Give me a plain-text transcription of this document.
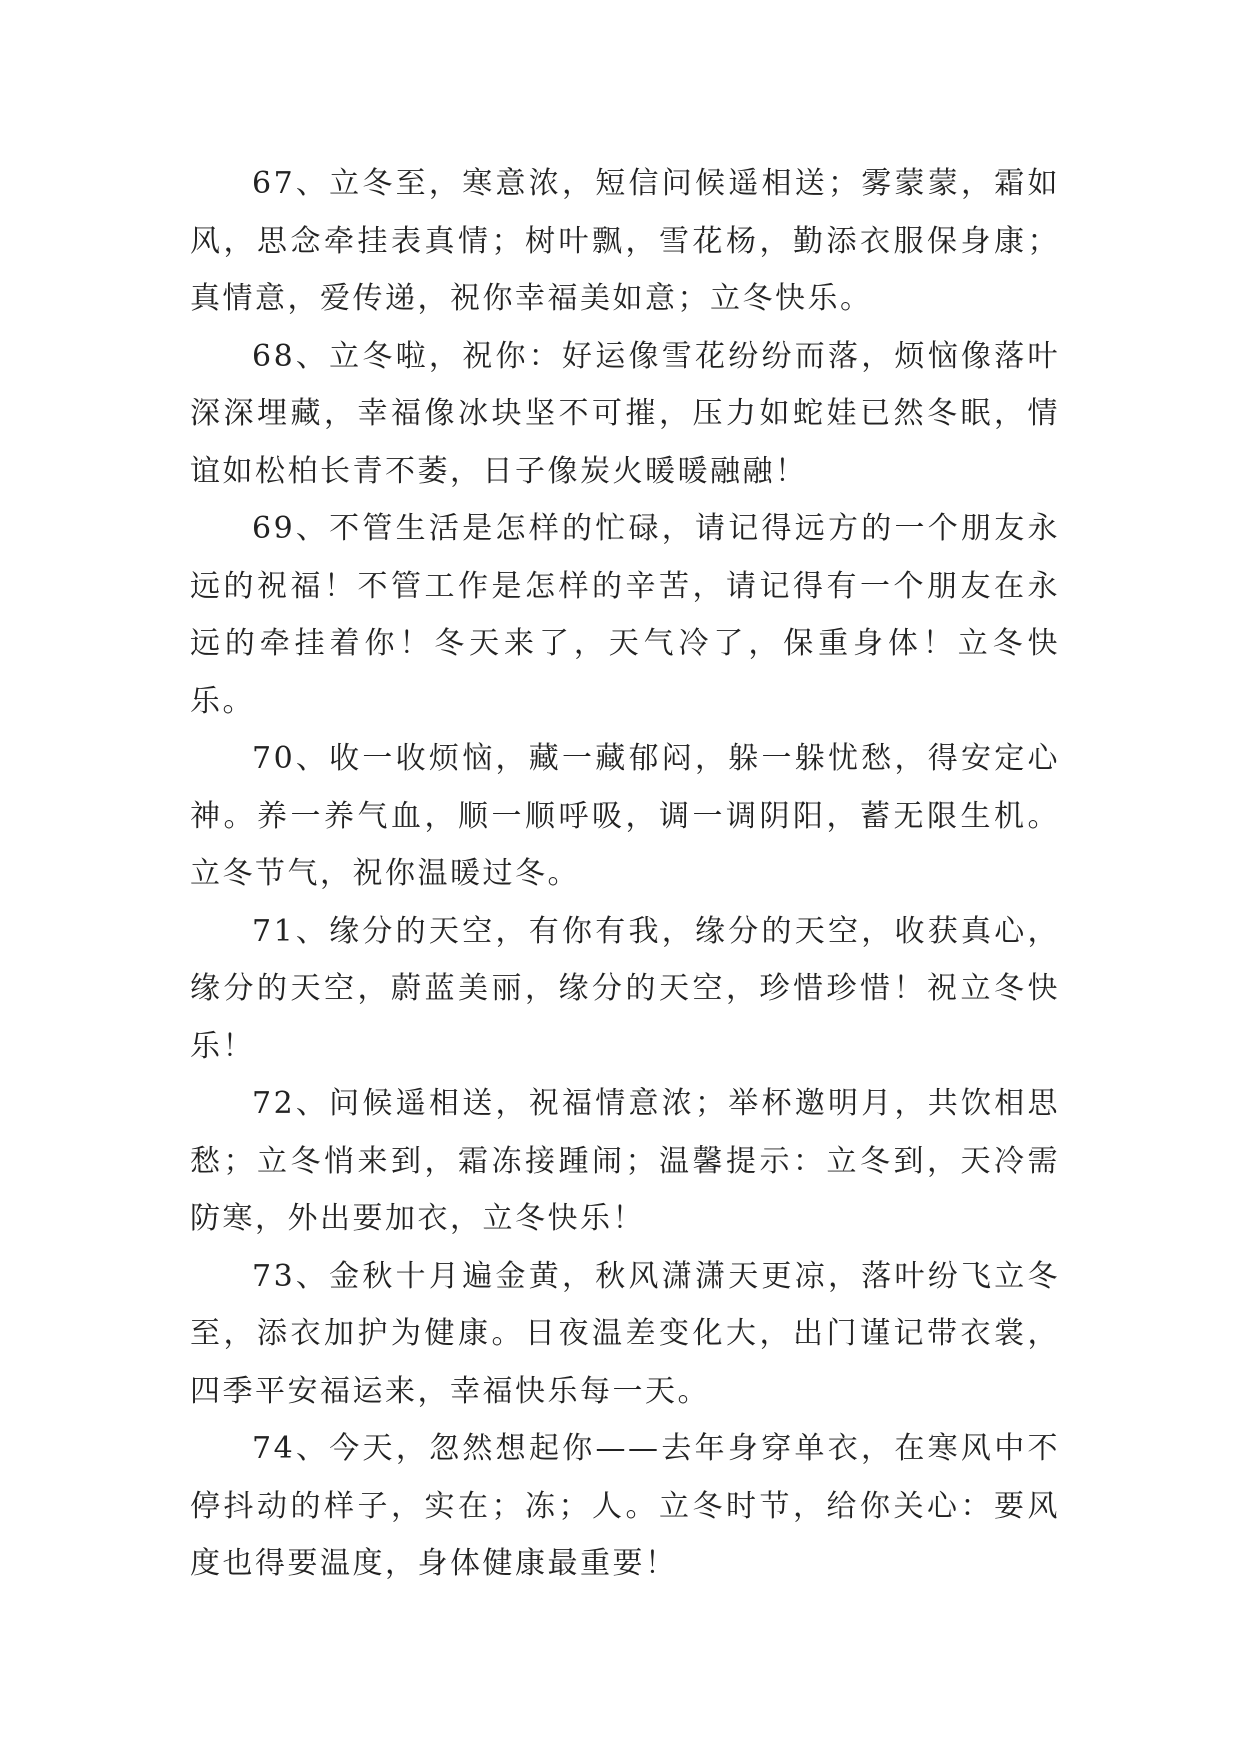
67、立冬至，寒意浓，短信问候遥相送；雾蒙蒙，霜如风，思念牵挂表真情；树叶飘，雪花杨，勤添衣服保身康；真情意，爱传递，祝你幸福美如意；立冬快乐。

68、立冬啦，祝你：好运像雪花纷纷而落，烦恼像落叶深深埋藏，幸福像冰块坚不可摧，压力如蛇娃已然冬眠，情谊如松柏长青不萎，日子像炭火暖暖融融！

69、不管生活是怎样的忙碌，请记得远方的一个朋友永远的祝福！不管工作是怎样的辛苦，请记得有一个朋友在永远的牵挂着你！冬天来了，天气冷了，保重身体！立冬快乐。

70、收一收烦恼，藏一藏郁闷，躲一躲忧愁，得安定心神。养一养气血，顺一顺呼吸，调一调阴阳，蓄无限生机。立冬节气，祝你温暖过冬。

71、缘分的天空，有你有我，缘分的天空，收获真心，缘分的天空，蔚蓝美丽，缘分的天空，珍惜珍惜！祝立冬快乐！

72、问候遥相送，祝福情意浓；举杯邀明月，共饮相思愁；立冬悄来到，霜冻接踵闹；温馨提示：立冬到，天冷需防寒，外出要加衣，立冬快乐！

73、金秋十月遍金黄，秋风潇潇天更凉，落叶纷飞立冬至，添衣加护为健康。日夜温差变化大，出门谨记带衣裳，四季平安福运来，幸福快乐每一天。

74、今天，忽然想起你——去年身穿单衣，在寒风中不停抖动的样子，实在；冻；人。立冬时节，给你关心：要风度也得要温度，身体健康最重要！
